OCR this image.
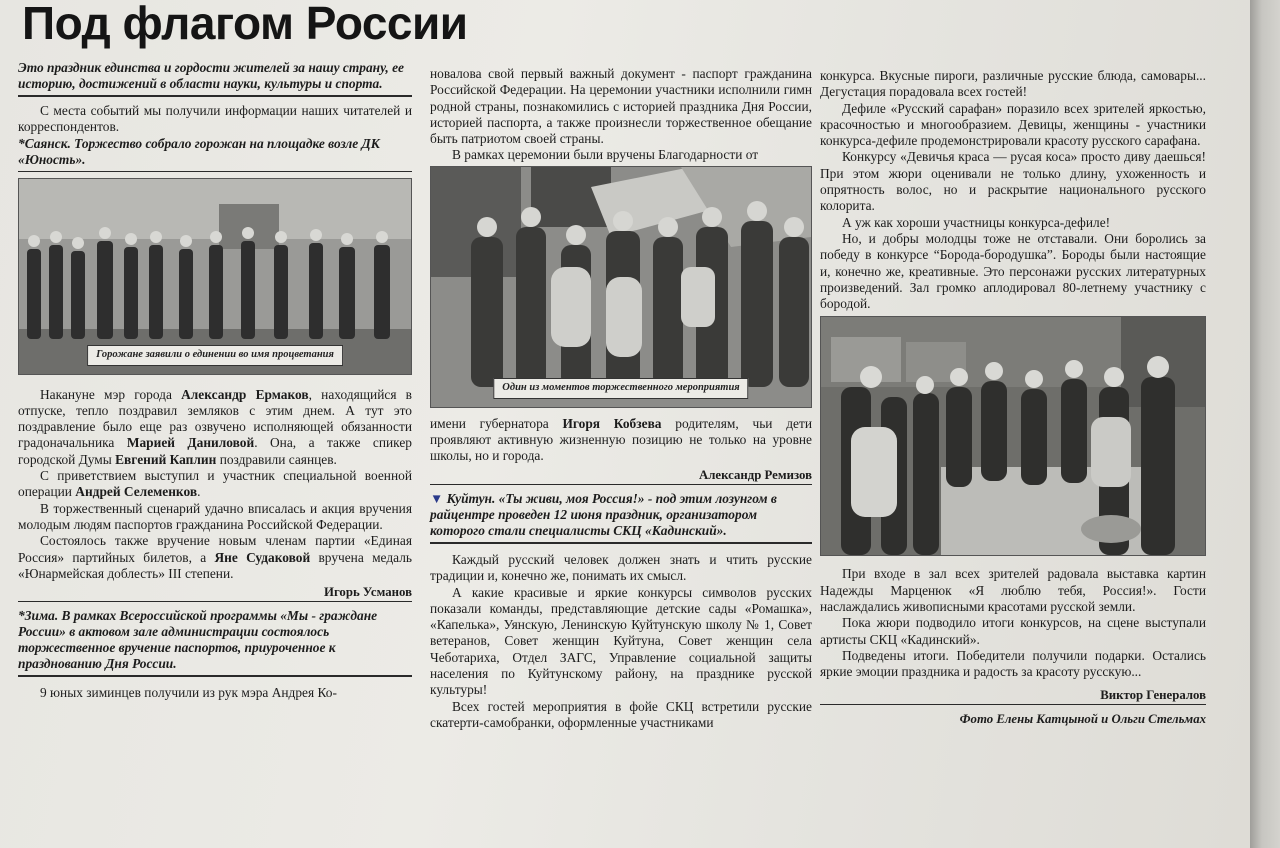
Под флагом России
Это праздник единства и гордости жителей за нашу страну, ее историю, достижений в области науки, культуры и спорта.

С места событий мы получили информации наших читателей и корреспондентов.

*Саянск. Торжество собрало горожан на площадке возле ДК «Юность».
Горожане заявили о единении во имя процветания

Накануне мэр города Александр Ермаков, находящийся в отпуске, тепло поздравил земляков с этим днем. А тут это поздравление было еще раз озвучено исполняющей обязанности градоначальника Марией Даниловой. Она, а также спикер городской Думы Евгений Каплин поздравили саянцев.

С приветствием выступил и участник специальной военной операции Андрей Селеменков.

В торжественный сценарий удачно вписалась и акция вручения молодым людям паспортов гражданина Российской Федерации.

Состоялось также вручение новым членам партии «Единая Россия» партийных билетов, а Яне Судаковой вручена медаль «Юнармейская доблесть» III степени.

Игорь Усманов
*Зима. В рамках Всероссийской программы «Мы - граждане России» в актовом зале администрации состоялось торжественное вручение паспортов, приуроченное к празднованию Дня России.

9 юных зиминцев получили из рук мэра Андрея Ко-

новалова свой первый важный документ - паспорт гражданина Российской Федерации. На церемонии участники исполнили гимн родной страны, познакомились с историей праздника Дня России, историей паспорта, а также произнесли торжественное обещание быть патриотом своей страны.

В рамках церемонии были вручены Благодарности от

Один из моментов торжественного мероприятия

имени губернатора Игоря Кобзева родителям, чьи дети проявляют активную жизненную позицию не только на уровне школы, но и города.

Александр Ремизов
▼ Куйтун. «Ты живи, моя Россия!» - под этим лозунгом в райцентре проведен 12 июня праздник, организатором которого стали специалисты СКЦ «Кадинский».

Каждый русский человек должен знать и чтить русские традиции и, конечно же, понимать их смысл.

А какие красивые и яркие конкурсы символов русских показали команды, представляющие детские сады «Ромашка», «Капелька», Уянскую, Ленинскую Куйтунскую школу № 1, Совет ветеранов, Совет женщин Куйтуна, Совет женщин села Чеботариха, Отдел ЗАГС, Управление социальной защиты населения по Куйтунскому району, на празднике русской культуры!

Всех гостей мероприятия в фойе СКЦ встретили русские скатерти-самобранки, оформленные участниками

конкурса. Вкусные пироги, различные русские блюда, самовары... Дегустация порадовала всех гостей!

Дефиле «Русский сарафан» поразило всех зрителей яркостью, красочностью и многообразием. Девицы, женщины - участники конкурса-дефиле продемонстрировали красоту русского сарафана.

Конкурсу «Девичья краса — русая коса» просто диву даешься! При этом жюри оценивали не только длину, ухоженность и опрятность волос, но и раскрытие национального русского колорита.

А уж как хороши участницы конкурса-дефиле!

Но, и добры молодцы тоже не отставали. Они боролись за победу в конкурсе “Борода-бородушка”. Бороды были настоящие и, конечно же, креативные. Это персонажи русских литературных произведений. Зал громко аплодировал 80-летнему участнику с бородой.

При входе в зал всех зрителей радовала выставка картин Надежды Марценюк «Я люблю тебя, Россия!». Гости наслаждались живописными красотами русской земли.

Пока жюри подводило итоги конкурсов, на сцене выступали артисты СКЦ «Кадинский».

Подведены итоги. Победители получили подарки. Остались яркие эмоции праздника и радость за красоту русскую...

Виктор Генералов
Фото Елены Катцыной и Ольги Стельмах
